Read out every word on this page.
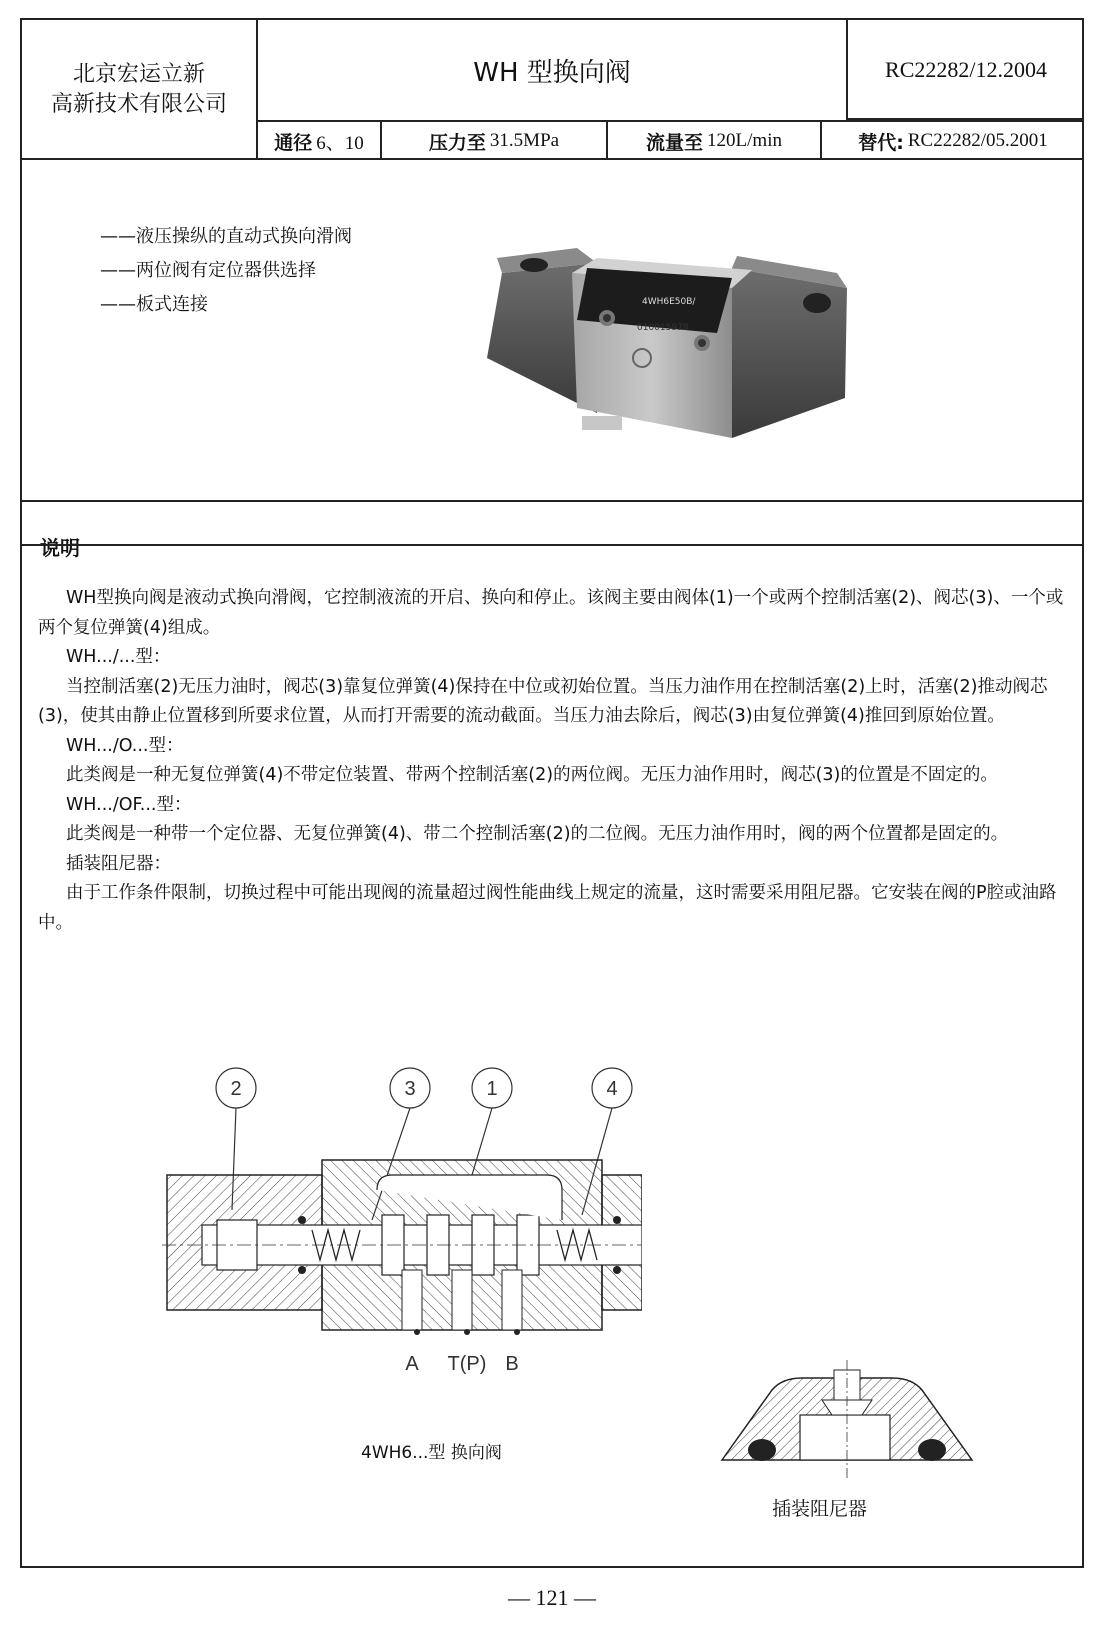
北京宏运立新
高新技术有限公司
WH 型换向阀	RC22282/12.2004
通径 6、10	压力至 31.5MPa	流量至 120L/min	替代: RC22282/05.2001
——液压操纵的直动式换向滑阀
——两位阀有定位器供选择
——板式连接	4WH6E50B/
010015978
说明

WH型换向阀是液动式换向滑阀，它控制液流的开启、换向和停止。该阀主要由阀体(1)一个或两个控制活塞(2)、阀芯(3)、一个或两个复位弹簧(4)组成。

WH.../...型：

当控制活塞(2)无压力油时，阀芯(3)靠复位弹簧(4)保持在中位或初始位置。当压力油作用在控制活塞(2)上时，活塞(2)推动阀芯(3)，使其由静止位置移到所要求位置，从而打开需要的流动截面。当压力油去除后，阀芯(3)由复位弹簧(4)推回到原始位置。

WH.../O...型：

此类阀是一种无复位弹簧(4)不带定位装置、带两个控制活塞(2)的两位阀。无压力油作用时，阀芯(3)的位置是不固定的。

WH.../OF...型：

此类阀是一种带一个定位器、无复位弹簧(4)、带二个控制活塞(2)的二位阀。无压力油作用时，阀的两个位置都是固定的。

插装阻尼器：

由于工作条件限制，切换过程中可能出现阀的流量超过阀性能曲线上规定的流量，这时需要采用阻尼器。它安装在阀的P腔或油路中。

2	3	1	4
A T(P) B
4WH6...型 换向阀
插装阻尼器
— 121 —
